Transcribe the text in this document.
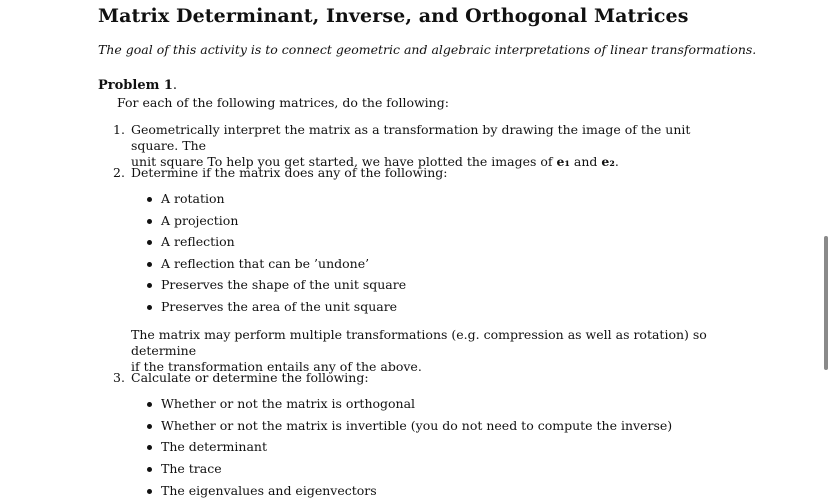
Matrix Determinant, Inverse, and Orthogonal Matrices
The goal of this activity is to connect geometric and algebraic interpretations of linear transformations.
Problem 1.
For each of the following matrices, do the following:
1. Geometrically interpret the matrix as a transformation by drawing the image of the unit square. The
unit square To help you get started, we have plotted the images of e₁ and e₂.
2. Determine if the matrix does any of the following:
A rotation
A projection
A reflection
A reflection that can be ’undone’
Preserves the shape of the unit square
Preserves the area of the unit square
The matrix may perform multiple transformations (e.g. compression as well as rotation) so determine
if the transformation entails any of the above.
3. Calculate or determine the following:
Whether or not the matrix is orthogonal
Whether or not the matrix is invertible (you do not need to compute the inverse)
The determinant
The trace
The eigenvalues and eigenvectors
